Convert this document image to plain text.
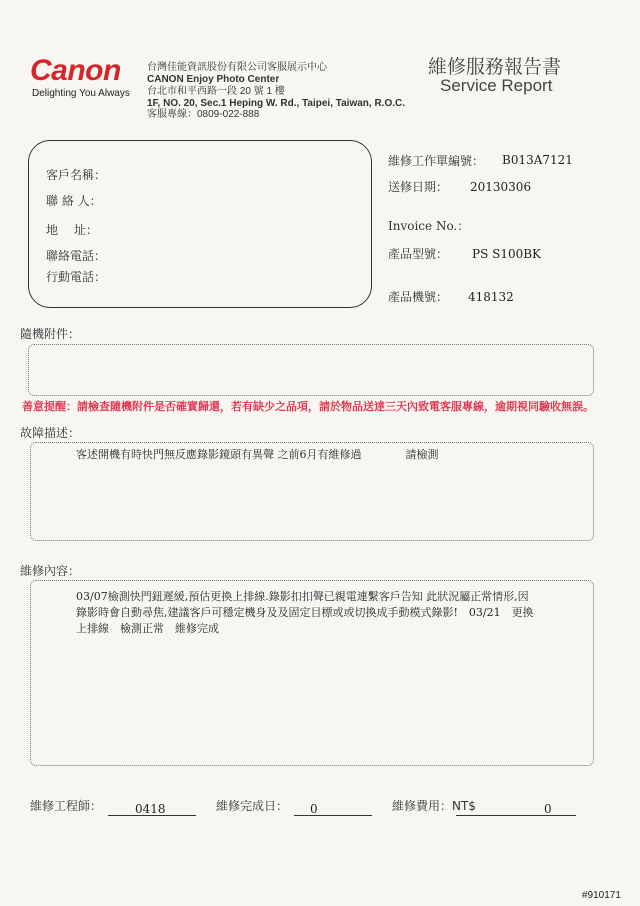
Canon
Delighting You Always
台灣佳能資訊股份有限公司客服展示中心
CANON Enjoy Photo Center
台北市和平西路一段 20 號 1 樓
1F, NO. 20, Sec.1 Heping W. Rd., Taipei, Taiwan, R.O.C.
客服專線：0809-022-888
維修服務報告書
Service Report
客戶名稱：
聯 絡 人：
地　 址：
聯絡電話：
行動電話：
維修工作單編號： B013A7121
送修日期： 20130306
Invoice No.：
產品型號： PS S100BK
產品機號： 418132
隨機附件：
善意提醒：請檢查隨機附件是否確實歸還，若有缺少之品項，請於物品送達三天內致電客服專線，逾期視同驗收無誤。
故障描述：
客述開機有時快門無反應錄影鏡頭有異聲 之前6月有維修過　　　　請檢測
維修內容：
03/07檢測快門鈕遲緩,預估更換上排線.錄影扣扣聲已親電連繫客戶告知 此狀況屬正常情形,因
錄影時會自動尋焦,建議客戶可穩定機身及及固定目標或或切換成手動模式錄影!　03/21　更換
上排線　檢測正常　維修完成
維修工程師：	0418	維修完成日： 0	維修費用：NT$	0
#910171
